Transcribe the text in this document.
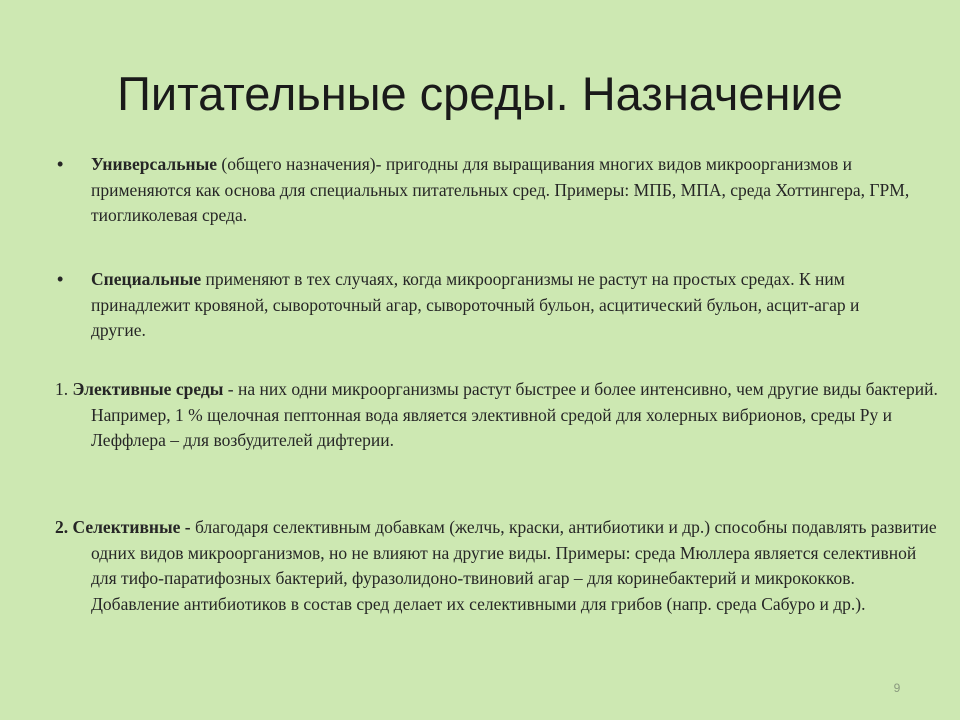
Питательные среды. Назначение
• Универсальные (общего назначения)- пригодны для выращивания многих видов микроорганизмов и применяются как основа для специальных питательных сред. Примеры: МПБ, МПА, среда Хоттингера, ГРМ, тиогликолевая среда.
• Специальные применяют в тех случаях, когда микроорганизмы не растут на простых средах. К ним принадлежит кровяной, сывороточный агар, сывороточный бульон, асцитический бульон, асцит-агар и другие.
1. Элективные среды - на них одни микроорганизмы растут быстрее и более интенсивно, чем другие виды бактерий. Например, 1 % щелочная пептонная вода является элективной средой для холерных вибрионов, среды Ру и Леффлера – для возбудителей дифтерии.
2. Селективные - благодаря селективным добавкам (желчь, краски, антибиотики и др.) способны подавлять развитие одних видов микроорганизмов, но не влияют на другие виды. Примеры: среда Мюллера является селективной для тифо-паратифозных бактерий, фуразолидоно-твиновий агар – для коринебактерий и микрококков. Добавление антибиотиков в состав сред делает их селективными для грибов (напр. среда Сабуро и др.).
9
